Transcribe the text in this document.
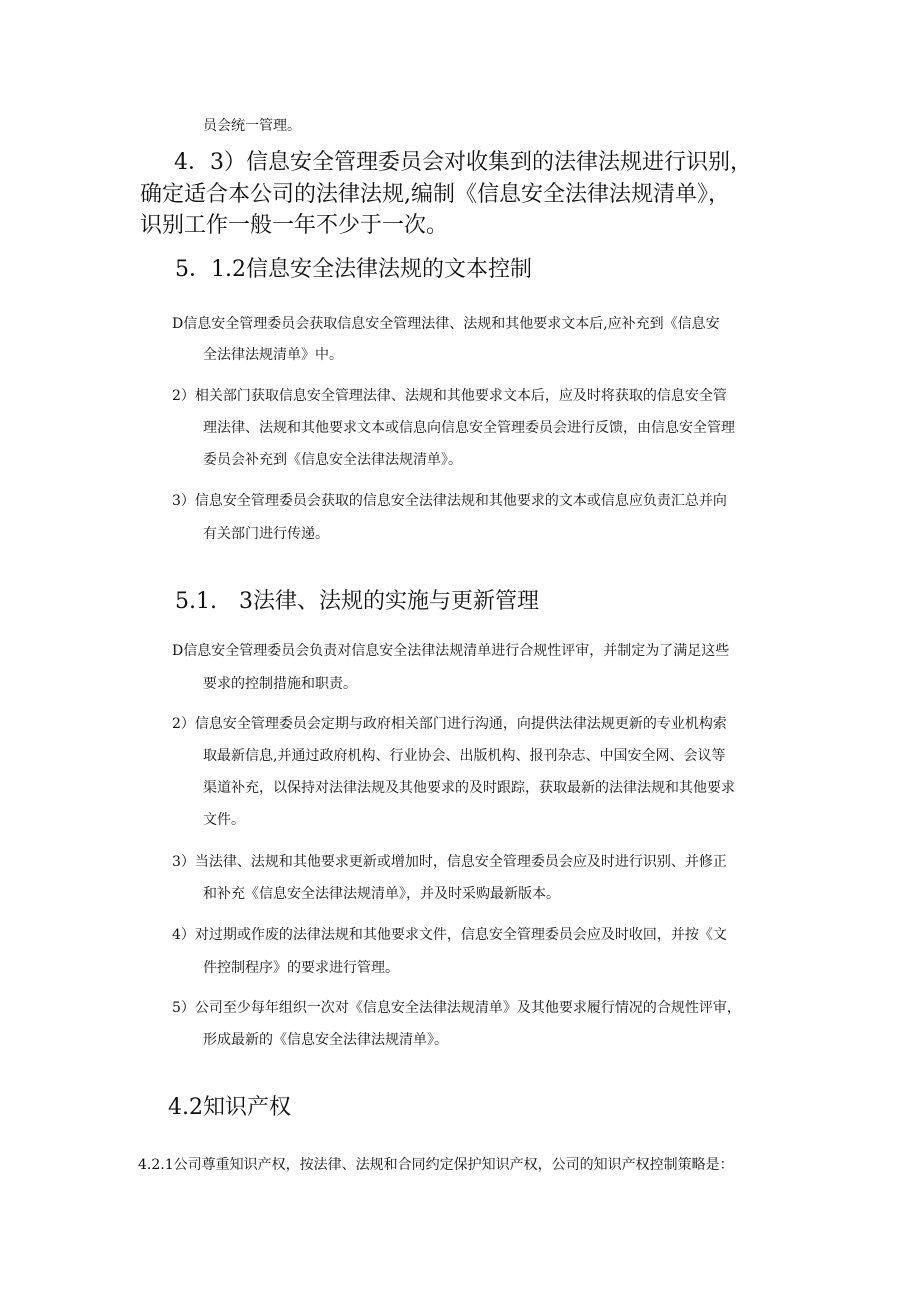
员会统一管理。

4．3）信息安全管理委员会对收集到的法律法规进行识别，

确定适合本公司的法律法规,编制《信息安全法律法规清单》，

识别工作一般一年不少于一次。

5．1.2信息安全法律法规的文本控制

D信息安全管理委员会获取信息安全管理法律、法规和其他要求文本后,应补充到《信息安

全法律法规清单》中。

2）相关部门获取信息安全管理法律、法规和其他要求文本后，应及时将获取的信息安全管

理法律、法规和其他要求文本或信息向信息安全管理委员会进行反馈，由信息安全管理

委员会补充到《信息安全法律法规清单》。

3）信息安全管理委员会获取的信息安全法律法规和其他要求的文本或信息应负责汇总并向

有关部门进行传递。

5.1.　3法律、法规的实施与更新管理

D信息安全管理委员会负责对信息安全法律法规清单进行合规性评审，并制定为了满足这些

要求的控制措施和职责。

2）信息安全管理委员会定期与政府相关部门进行沟通，向提供法律法规更新的专业机构索

取最新信息,并通过政府机构、行业协会、出版机构、报刊杂志、中国安全网、会议等

渠道补充，以保持对法律法规及其他要求的及时跟踪，获取最新的法律法规和其他要求

文件。

3）当法律、法规和其他要求更新或增加时，信息安全管理委员会应及时进行识别、并修正

和补充《信息安全法律法规清单》，并及时采购最新版本。

4）对过期或作废的法律法规和其他要求文件，信息安全管理委员会应及时收回，并按《文

件控制程序》的要求进行管理。

5）公司至少每年组织一次对《信息安全法律法规清单》及其他要求履行情况的合规性评审，

形成最新的《信息安全法律法规清单》。

4.2知识产权

4.2.1公司尊重知识产权，按法律、法规和合同约定保护知识产权，公司的知识产权控制策略是：
